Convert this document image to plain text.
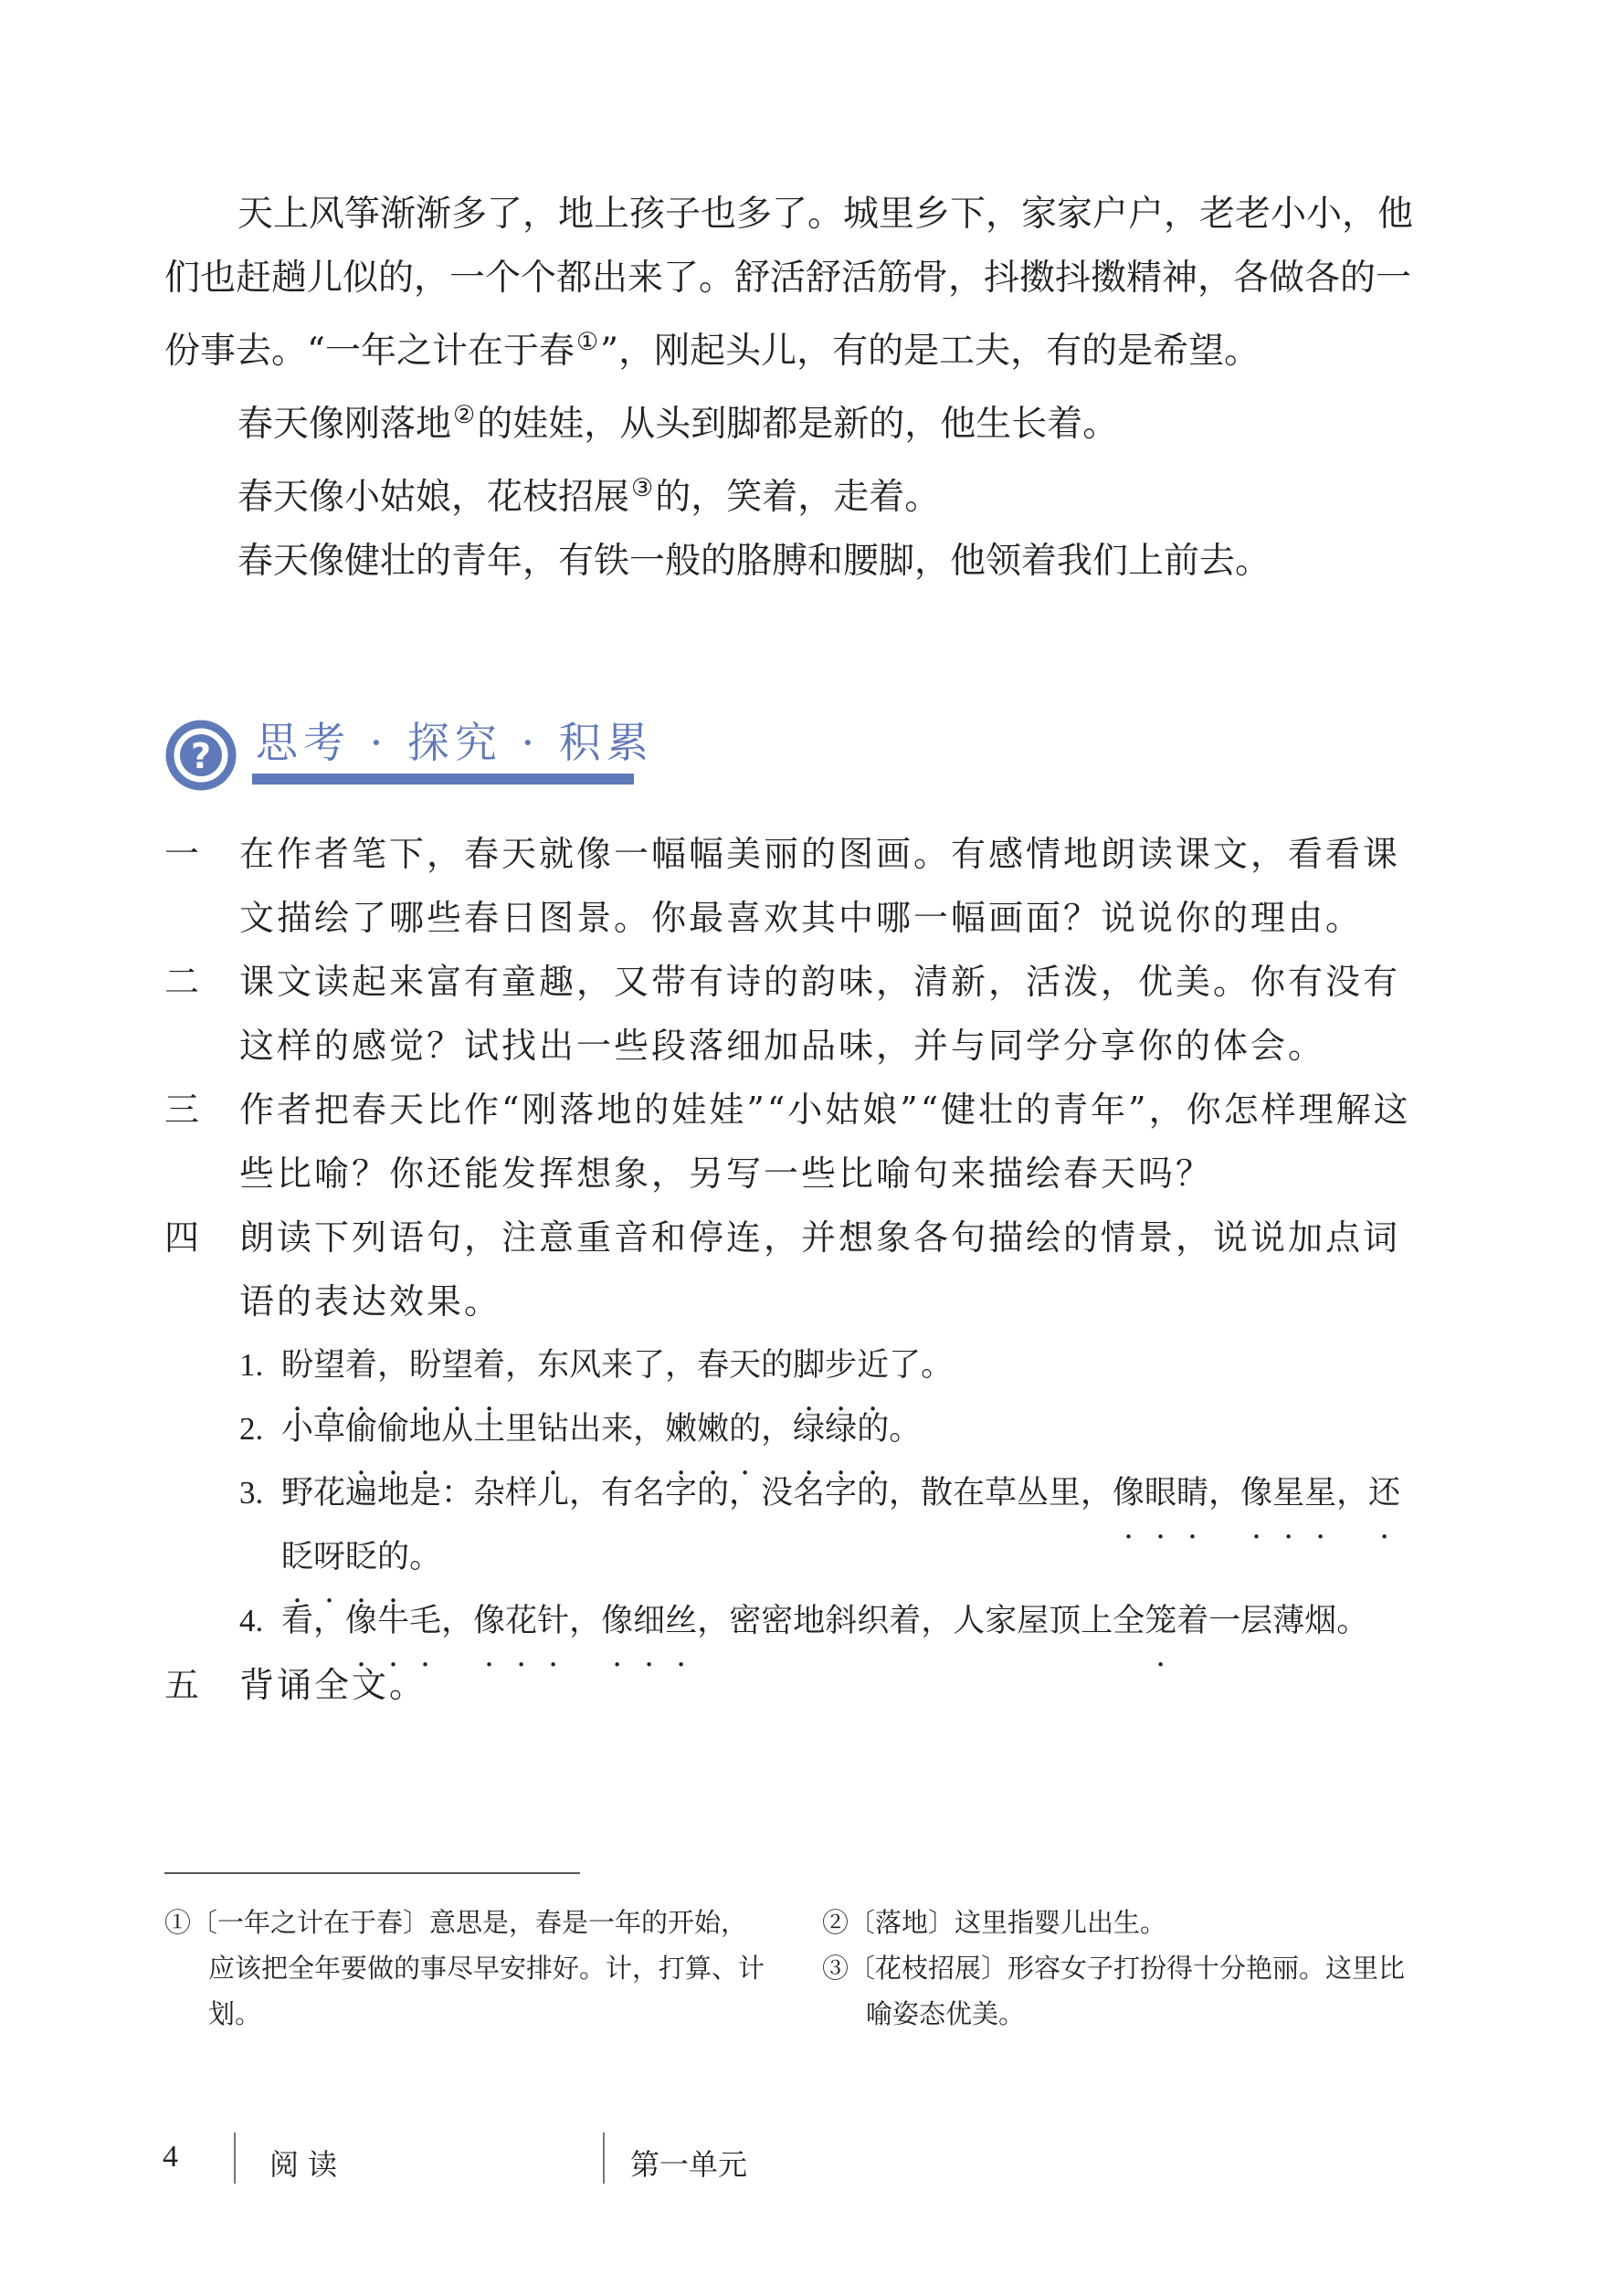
天上风筝渐渐多了，地上孩子也多了。城里乡下，家家户户，老老小小，他们也赶趟儿似的，一个个都出来了。舒活舒活筋骨，抖擞抖擞精神，各做各的一份事去。“一年之计在于春①”，刚起头儿，有的是工夫，有的是希望。

春天像刚落地②的娃娃，从头到脚都是新的，他生长着。

春天像小姑娘，花枝招展③的，笑着，走着。

春天像健壮的青年，有铁一般的胳膊和腰脚，他领着我们上前去。

? 思考 · 探究 · 积累

一 在作者笔下，春天就像一幅幅美丽的图画。有感情地朗读课文，看看课文描绘了哪些春日图景。你最喜欢其中哪一幅画面？说说你的理由。

二 课文读起来富有童趣，又带有诗的韵味，清新，活泼，优美。你有没有这样的感觉？试找出一些段落细加品味，并与同学分享你的体会。

三 作者把春天比作“刚落地的娃娃”“小姑娘”“健壮的青年”，你怎样理解这些比喻？你还能发挥想象，另写一些比喻句来描绘春天吗？

四 朗读下列语句，注意重音和停连，并想象各句描绘的情景，说说加点词语的表达效果。

1. 盼望着，盼望着，东风来了，春天的脚步近了。

2. 小草偷偷地从土里钻出来，嫩嫩的，绿绿的。

3. 野花遍地是：杂样儿，有名字的，没名字的，散在草丛里，像眼睛，像星星，还眨呀眨的。

4. 看，像牛毛，像花针，像细丝，密密地斜织着，人家屋顶上全笼着一层薄烟。

五 背诵全文。

①〔一年之计在于春〕意思是，春是一年的开始，应该把全年要做的事尽早安排好。计，打算、计划。

②〔落地〕这里指婴儿出生。

③〔花枝招展〕形容女子打扮得十分艳丽。这里比喻姿态优美。

4	阅读	第一单元
